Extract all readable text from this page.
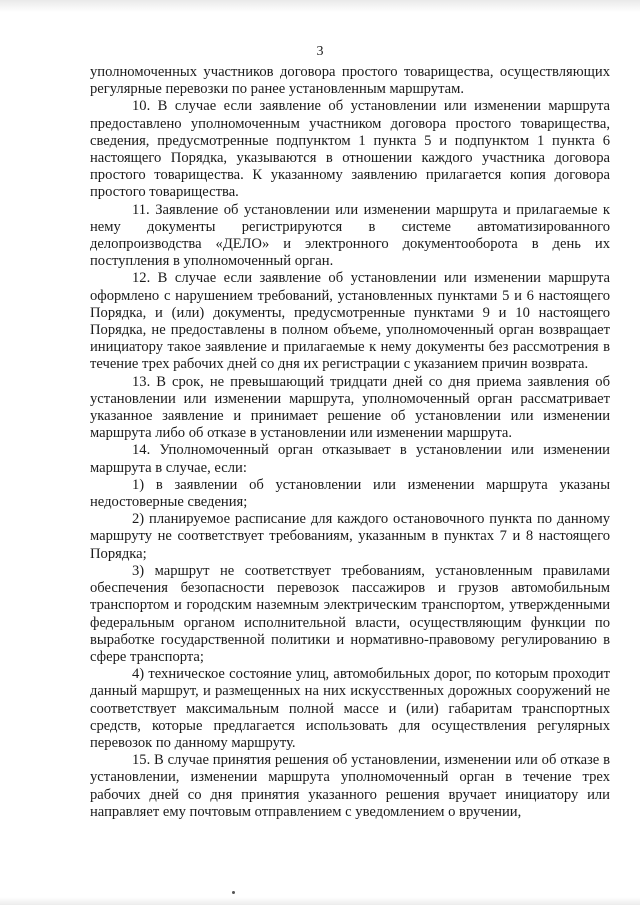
3

уполномоченных участников договора простого товарищества, осуществляющих регулярные перевозки по ранее установленным маршрутам.

10. В случае если заявление об установлении или изменении маршрута предоставлено уполномоченным участником договора простого товарищества, сведения, предусмотренные подпунктом 1 пункта 5 и подпунктом 1 пункта 6 настоящего Порядка, указываются в отношении каждого участника договора простого товарищества. К указанному заявлению прилагается копия договора простого товарищества.

11. Заявление об установлении или изменении маршрута и прилагаемые к нему документы регистрируются в системе автоматизированного делопроизводства «ДЕЛО» и электронного документооборота в день их поступления в уполномоченный орган.

12. В случае если заявление об установлении или изменении маршрута оформлено с нарушением требований, установленных пунктами 5 и 6 настоящего Порядка, и (или) документы, предусмотренные пунктами 9 и 10 настоящего Порядка, не предоставлены в полном объеме, уполномоченный орган возвращает инициатору такое заявление и прилагаемые к нему документы без рассмотрения в течение трех рабочих дней со дня их регистрации с указанием причин возврата.

13. В срок, не превышающий тридцати дней со дня приема заявления об установлении или изменении маршрута, уполномоченный орган рассматривает указанное заявление и принимает решение об установлении или изменении маршрута либо об отказе в установлении или изменении маршрута.

14. Уполномоченный орган отказывает в установлении или изменении маршрута в случае, если:

1) в заявлении об установлении или изменении маршрута указаны недостоверные сведения;

2) планируемое расписание для каждого остановочного пункта по данному маршруту не соответствует требованиям, указанным в пунктах 7 и 8 настоящего Порядка;

3) маршрут не соответствует требованиям, установленным правилами обеспечения безопасности перевозок пассажиров и грузов автомобильным транспортом и городским наземным электрическим транспортом, утвержденными федеральным органом исполнительной власти, осуществляющим функции по выработке государственной политики и нормативно-правовому регулированию в сфере транспорта;

4) техническое состояние улиц, автомобильных дорог, по которым проходит данный маршрут, и размещенных на них искусственных дорожных сооружений не соответствует максимальным полной массе и (или) габаритам транспортных средств, которые предлагается использовать для осуществления регулярных перевозок по данному маршруту.

15. В случае принятия решения об установлении, изменении или об отказе в установлении, изменении маршрута уполномоченный орган в течение трех рабочих дней со дня принятия указанного решения вручает инициатору или направляет ему почтовым отправлением с уведомлением о вручении,
